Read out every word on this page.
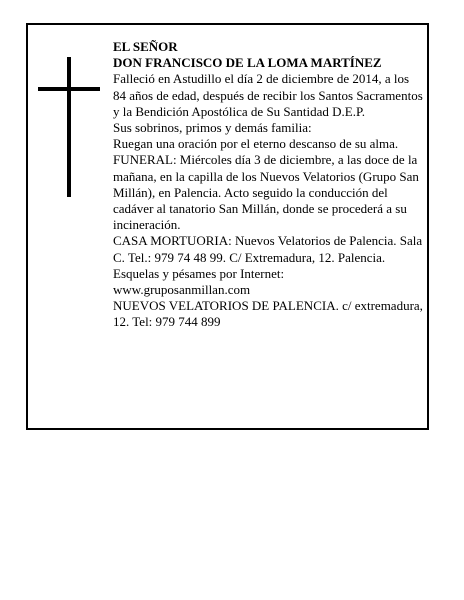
EL SEÑOR

DON FRANCISCO DE LA LOMA MARTÍNEZ

Falleció en Astudillo el día 2 de diciembre de 2014, a los 84 años de edad, después de recibir los Santos Sacramentos y la Bendición Apostólica de Su Santidad D.E.P.

Sus sobrinos, primos y demás familia:

Ruegan una oración por el eterno descanso de su alma.

FUNERAL: Miércoles día 3 de diciembre, a las doce de la mañana, en la capilla de los Nuevos Velatorios (Grupo San Millán), en Palencia. Acto seguido la conducción del cadáver al tanatorio San Millán, donde se procederá a su incineración.

CASA MORTUORIA: Nuevos Velatorios de Palencia. Sala C. Tel.: 979 74 48 99. C/ Extremadura, 12. Palencia.

Esquelas y pésames por Internet:

www.gruposanmillan.com

NUEVOS VELATORIOS DE PALENCIA. c/ extremadura, 12. Tel: 979 744 899
